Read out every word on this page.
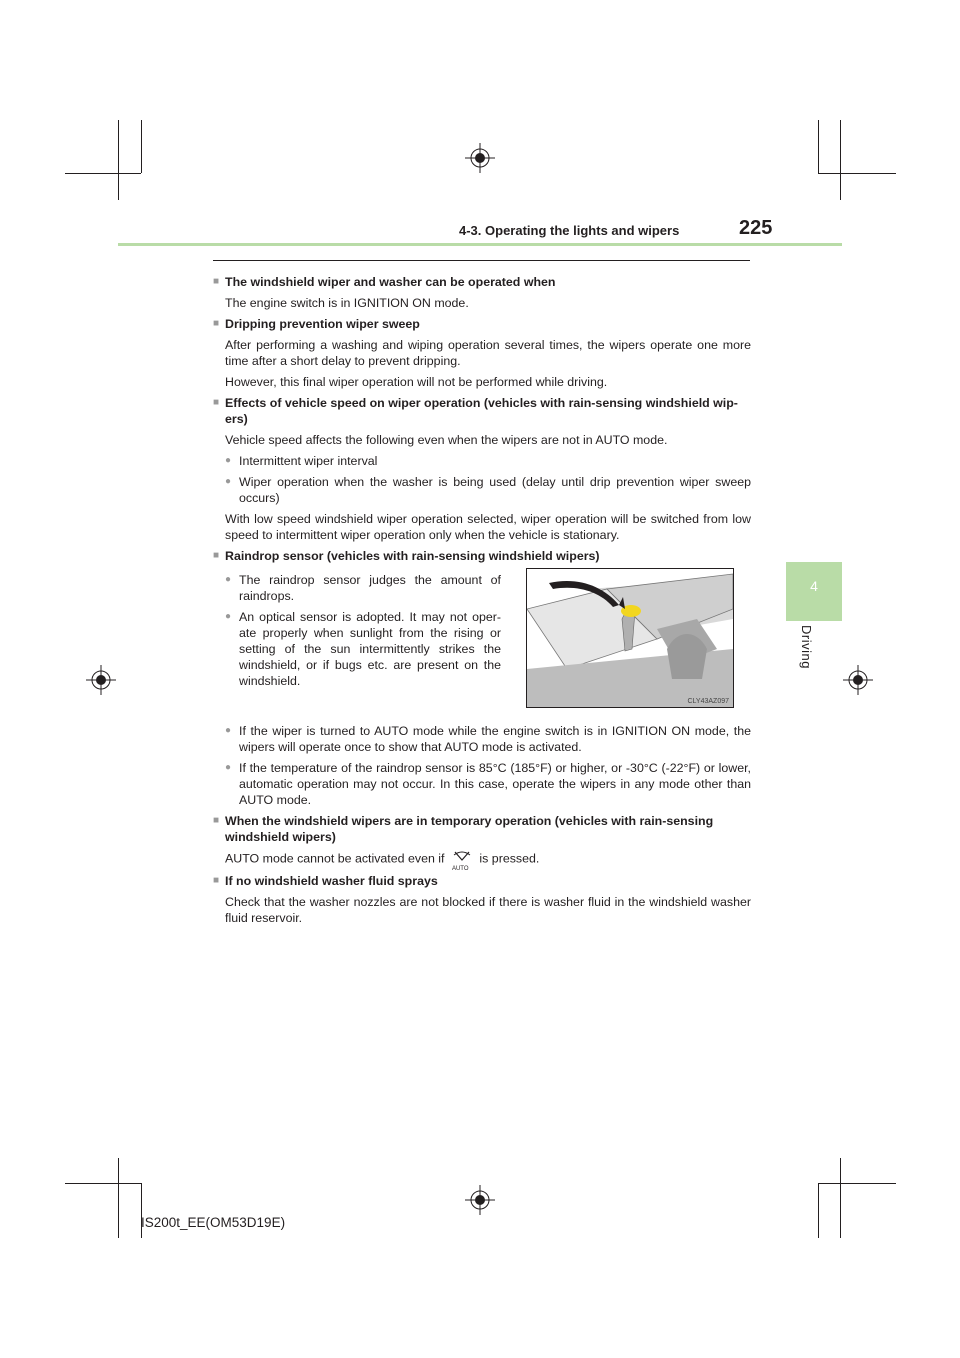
4-3. Operating the lights and wipers	225
4
Driving
■ The windshield wiper and washer can be operated when
The engine switch is in IGNITION ON mode.
■ Dripping prevention wiper sweep
After performing a washing and wiping operation several times, the wipers operate one more time after a short delay to prevent dripping.
However, this final wiper operation will not be performed while driving.
■ Effects of vehicle speed on wiper operation (vehicles with rain-sensing windshield wip-ers)
Vehicle speed affects the following even when the wipers are not in AUTO mode.
● Intermittent wiper interval
● Wiper operation when the washer is being used (delay until drip prevention wiper sweep occurs)
With low speed windshield wiper operation selected, wiper operation will be switched from low speed to intermittent wiper operation only when the vehicle is stationary.
■ Raindrop sensor (vehicles with rain-sensing windshield wipers)
● The raindrop sensor judges the amount of raindrops.
● An optical sensor is adopted. It may not oper-ate properly when sunlight from the rising or setting of the sun intermittently strikes the windshield, or if bugs etc. are present on the windshield.
● If the wiper is turned to AUTO mode while the engine switch is in IGNITION ON mode, the wipers will operate once to show that AUTO mode is activated.
● If the temperature of the raindrop sensor is 85°C (185°F) or higher, or -30°C (-22°F) or lower, automatic operation may not occur. In this case, operate the wipers in any mode other than AUTO mode.
■ When the windshield wipers are in temporary operation (vehicles with rain-sensing windshield wipers)
AUTO mode cannot be activated even if
AUTO
is pressed.
■ If no windshield washer fluid sprays
Check that the washer nozzles are not blocked if there is washer fluid in the windshield washer fluid reservoir.
CLY43AZ097
IS200t_EE(OM53D19E)
